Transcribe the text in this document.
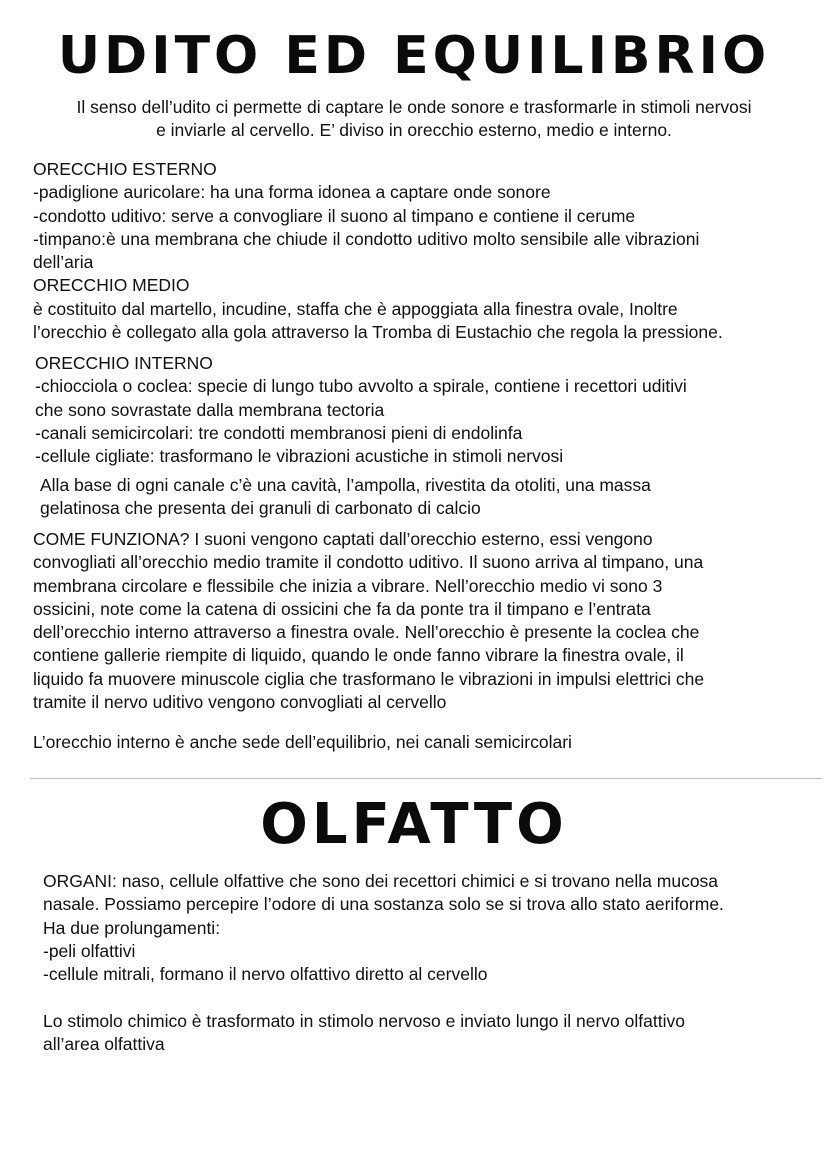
UDITO ED EQUILIBRIO
Il senso dell’udito ci permette di captare le onde sonore e trasformarle in stimoli nervosi
e inviarle al cervello. E’ diviso in orecchio esterno, medio e interno.
ORECCHIO ESTERNO
-padiglione auricolare: ha una forma idonea a captare onde sonore
-condotto uditivo: serve a convogliare il suono al timpano e contiene il cerume
-timpano:è una membrana che chiude il condotto uditivo molto sensibile alle vibrazioni
dell’aria
ORECCHIO MEDIO
è costituito dal martello, incudine, staffa che è appoggiata alla finestra ovale, Inoltre
l’orecchio è collegato alla gola attraverso la Tromba di Eustachio che regola la pressione.
ORECCHIO INTERNO
-chiocciola o coclea: specie di lungo tubo avvolto a spirale, contiene i recettori uditivi
che sono sovrastate dalla membrana tectoria
-canali semicircolari: tre condotti membranosi pieni di endolinfa
-cellule cigliate: trasformano le vibrazioni acustiche in stimoli nervosi
Alla base di ogni canale c’è una cavità, l’ampolla, rivestita da otoliti, una massa
gelatinosa che presenta dei granuli di carbonato di calcio
COME FUNZIONA? I suoni vengono captati dall’orecchio esterno, essi vengono
convogliati all’orecchio medio tramite il condotto uditivo. Il suono arriva al timpano, una
membrana circolare e flessibile che inizia a vibrare. Nell’orecchio medio vi sono 3
ossicini, note come la catena di ossicini che fa da ponte tra il timpano e l’entrata
dell’orecchio interno attraverso a finestra ovale. Nell’orecchio è presente la coclea che
contiene gallerie riempite di liquido, quando le onde fanno vibrare la finestra ovale, il
liquido fa muovere minuscole ciglia che trasformano le vibrazioni in impulsi elettrici che
tramite il nervo uditivo vengono convogliati al cervello
L’orecchio interno è anche sede dell’equilibrio, nei canali semicircolari
OLFATTO
ORGANI: naso, cellule olfattive che sono dei recettori chimici e si trovano nella mucosa
nasale. Possiamo percepire l’odore di una sostanza solo se si trova allo stato aeriforme.
Ha due prolungamenti:
-peli olfattivi
-cellule mitrali, formano il nervo olfattivo diretto al cervello
Lo stimolo chimico è trasformato in stimolo nervoso e inviato lungo il nervo olfattivo
all’area olfattiva
